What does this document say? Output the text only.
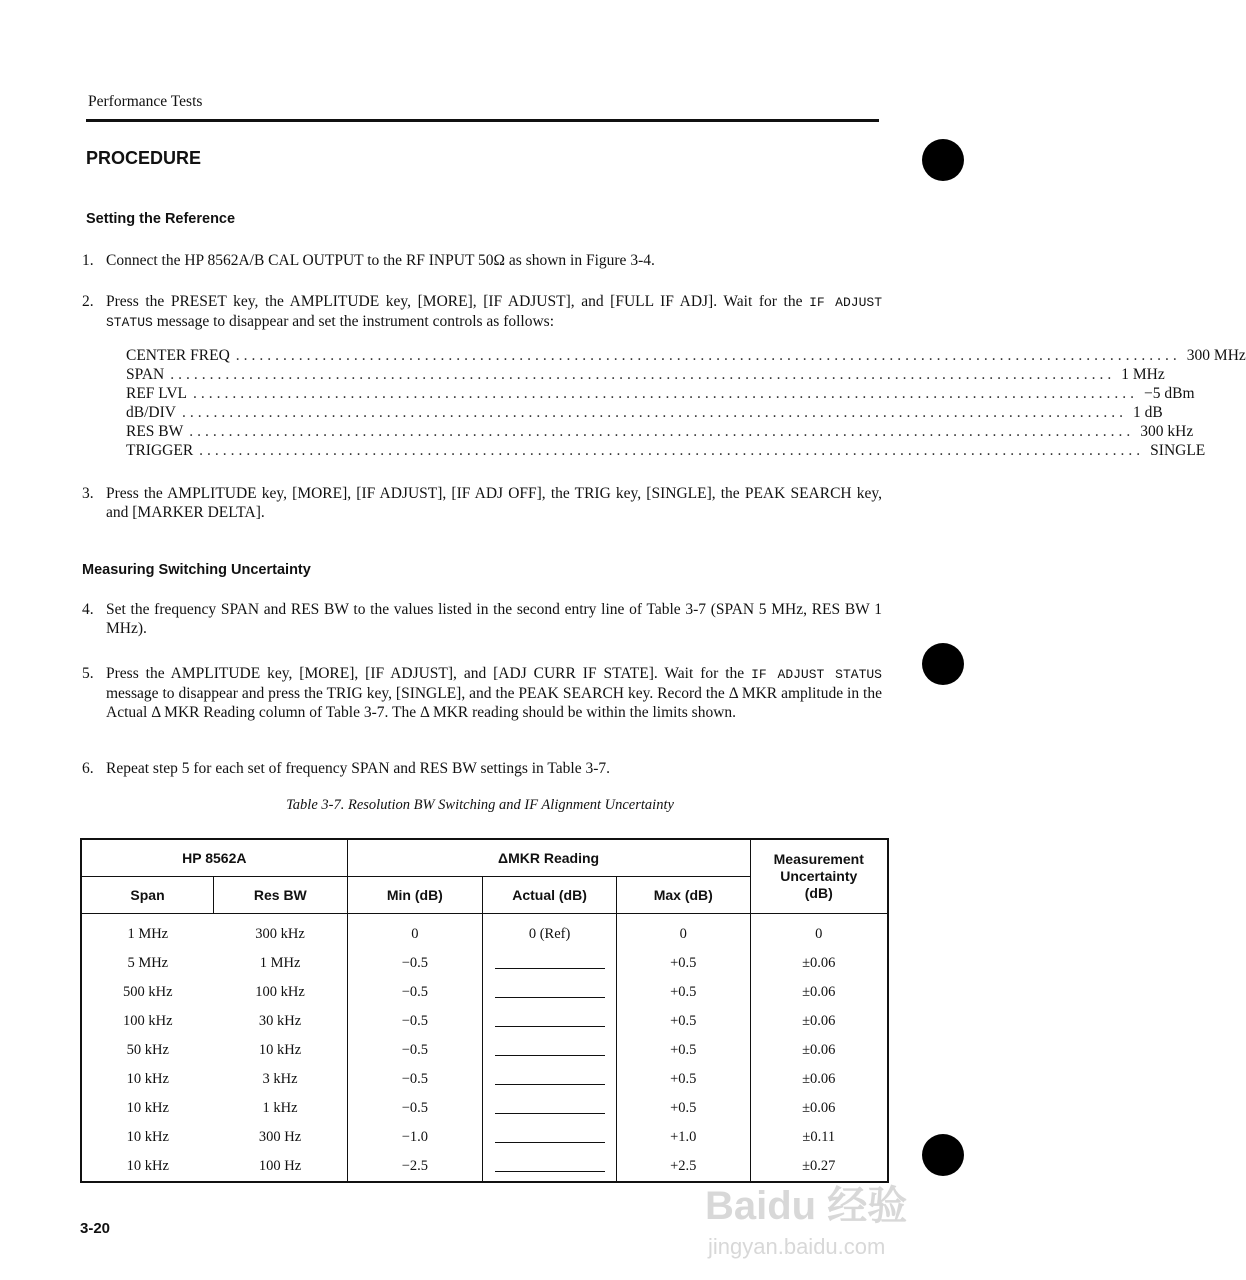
Performance Tests
PROCEDURE
Setting the Reference
1. Connect the HP 8562A/B CAL OUTPUT to the RF INPUT 50Ω as shown in Figure 3-4.
2. Press the PRESET key, the AMPLITUDE key, [MORE], [IF ADJUST], and [FULL IF ADJ]. Wait for the IF ADJUST STATUS message to disappear and set the instrument controls as follows:
CENTER FREQ ........................................................................................................................ 300 MHz
SPAN ........................................................................................................................ 1 MHz
REF LVL ........................................................................................................................ −5 dBm
dB/DIV ........................................................................................................................ 1 dB
RES BW ........................................................................................................................ 300 kHz
TRIGGER ........................................................................................................................ SINGLE
3. Press the AMPLITUDE key, [MORE], [IF ADJUST], [IF ADJ OFF], the TRIG key, [SINGLE], the PEAK SEARCH key, and [MARKER DELTA].
Measuring Switching Uncertainty
4. Set the frequency SPAN and RES BW to the values listed in the second entry line of Table 3-7 (SPAN 5 MHz, RES BW 1 MHz).
5. Press the AMPLITUDE key, [MORE], [IF ADJUST], and [ADJ CURR IF STATE]. Wait for the IF ADJUST STATUS message to disappear and press the TRIG key, [SINGLE], and the PEAK SEARCH key. Record the Δ MKR amplitude in the Actual Δ MKR Reading column of Table 3-7. The Δ MKR reading should be within the limits shown.
6. Repeat step 5 for each set of frequency SPAN and RES BW settings in Table 3-7.
Table 3-7. Resolution BW Switching and IF Alignment Uncertainty
HP 8562A		ΔMKR Reading			Measurement Uncertainty (dB)
Span	Res BW	Min (dB)	Actual (dB)	Max (dB)	
1 MHz	300 kHz	0	0 (Ref)	0	0
5 MHz	1 MHz	−0.5		+0.5	±0.06
500 kHz	100 kHz	−0.5		+0.5	±0.06
100 kHz	30 kHz	−0.5		+0.5	±0.06
50 kHz	10 kHz	−0.5		+0.5	±0.06
10 kHz	3 kHz	−0.5		+0.5	±0.06
10 kHz	1 kHz	−0.5		+0.5	±0.06
10 kHz	300 Hz	−1.0		+1.0	±0.11
10 kHz	100 Hz	−2.5		+2.5	±0.27
3-20
Baidu 经验
jingyan.baidu.com
